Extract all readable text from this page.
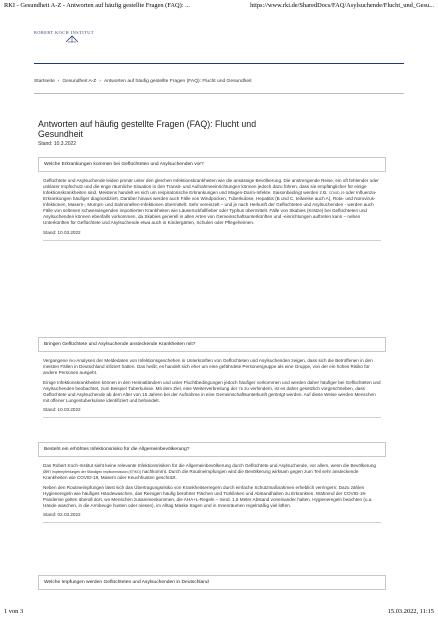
RKI - Gesundheit A-Z - Antworten auf häufig gestellte Fragen (FAQ): ...	https://www.rki.de/SharedDocs/FAQ/Asylsuchende/Flucht_und_Gesu...
ROBERT KOCH INSTITUT
Startseite › Gesundheit A-Z › Antworten auf häufig gestellte Fragen (FAQ): Flucht und Gesundheit
Antworten auf häufig gestellte Fragen (FAQ): Flucht und Gesundheit
Stand: 10.3.2022
Welche Erkrankungen kommen bei Geflüchteten und Asylsuchenden vor?

Geflüchtete und Asylsuchende leiden primär unter den gleichen Infektionskrankheiten wie die ansässige Bevölkerung. Die anstrengende Reise, ein oft fehlender oder unklarer Impfschutz und die enge räumliche Situation in den Transit- und Aufnahmeeinrichtungen können jedoch dazu führen, dass sie empfänglicher für einige Infektionskrankheiten sind. Meistens handelt es sich um respiratorische Erkrankungen und Magen-Darm-Infekte. Saisonbedingt werden z.B. COVID-19 oder Influenza-Erkrankungen häufiger diagnostiziert. Darüber hinaus werden auch Fälle von Windpocken, Tuberkulose, Hepatitis (B und C, teilweise auch A), Rota- und Norovirus-Infektionen, Masern-, Mumps- und Salmonellen-Infektionen übermittelt. Sehr vereinzelt – und je nach Herkunft der Geflüchteten und Asylsuchenden - werden auch Fälle von seltenen schwerwiegenden importierten Krankheiten wie Läuserückfallfieber oder Typhus übermittelt. Fälle von Skabies (Krätze) bei Geflüchteten und Asylsuchenden können ebenfalls vorkommen, da Skabies generell in allen Arten von Gemeinschaftsunterkünften und -einrichtungen auftreten kann – neben Unterkünften für Geflüchtete und Asylsuchende etwa auch in Kindergärten, Schulen oder Pflegeheimen.

Stand: 10.03.2022
Bringen Geflüchtete und Asylsuchende ansteckende Krankheiten mit?

Vergangene RKI-Analysen der Meldedaten von Infektionsgeschehen in Unterkünften von Geflüchteten und Asylsuchenden zeigen, dass sich die Betroffenen in den meisten Fällen in Deutschland infiziert hatten. Das heißt, es handelt sich eher um eine gefährdete Personengruppe als eine Gruppe, von der ein hohes Risiko für andere Personen ausgeht.

Einige Infektionskrankheiten können in den Heimatländern und unter Fluchtbedingungen jedoch häufiger vorkommen und werden daher häufiger bei Geflüchteten und Asylsuchenden beobachtet, zum Beispiel Tuberkulose. Mit dem Ziel, eine Weiterverbreitung der TB zu verhindern, ist es daher gesetzlich vorgeschrieben, dass Geflüchtete und Asylsuchende ab dem Alter von 15 Jahren bei der Aufnahme in eine Gemeinschaftsunterkunft geröntgt werden. Auf diese Weise werden Menschen mit offener Lungentuberkulose identifiziert und behandelt.

Stand: 10.03.2022
Besteht ein erhöhtes Infektionsrisiko für die Allgemeinbevölkerung?

Das Robert Koch-Institut sieht keine relevante Infektionsrisiken für die Allgemeinbevölkerung durch Geflüchtete und Asylsuchende, vor allem, wenn die Bevölkerung den Impfempfehlungen der Ständigen Impfkommission (STIKO) nachkommt. Durch die Routineimpfungen wird die Bevölkerung wirksam gegen zum Teil sehr ansteckende Krankheiten wie COVID-19, Masern oder Keuchhusten geschützt.

Neben den Routineimpfungen lässt sich das Übertragungsrisiko von Krankheitserregern durch einfache Schutzmaßnahmen erheblich verringern: Dazu zählen Hygieneregeln wie häufiges Händewaschen, das Reinigen häufig berührter Flächen und Türklinken und Abstandhalten zu Erkrankten. Während der COVID-19-Pandemie gelten überall dort, wo Menschen zusammenkommen, die AHA+L-Regeln – mind. 1,5 Meter Abstand voneinander halten, Hygieneregeln beachten (u.a. Hände waschen, in die Armbeuge husten oder niesen), im Alltag Maske tragen und in Innenräumen regelmäßig viel lüften.

Stand: 02.03.2022
Welche Impfungen werden Geflüchteten und Asylsuchenden in Deutschland
1 von 3	15.03.2022, 11:15
